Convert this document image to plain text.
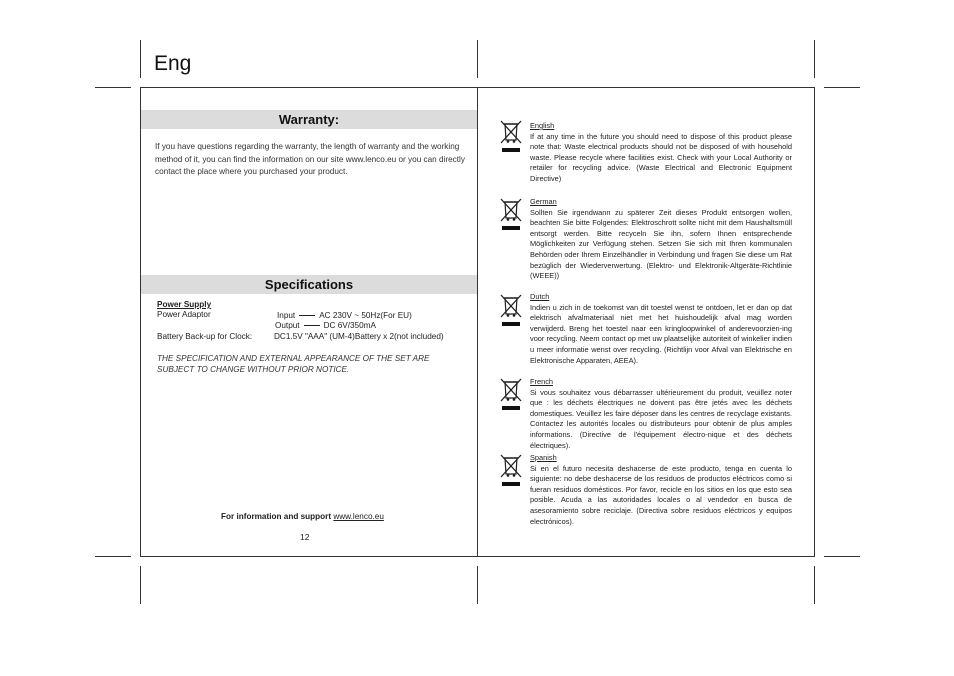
Eng
Warranty:
If you have questions regarding the warranty, the length of warranty and the working method of it, you can find the information on our site www.lenco.eu or you can directly contact the place where you purchased your product.
Specifications
Power Supply
Power Adaptor	Input	AC 230V ~ 50Hz(For EU)
Output	DC 6V/350mA
Battery Back-up for Clock:	DC1.5V "AAA" (UM-4)Battery x 2(not included)
THE SPECIFICATION AND EXTERNAL APPEARANCE OF THE SET ARE SUBJECT TO CHANGE WITHOUT PRIOR NOTICE.
For information and support www.lenco.eu
12
English
If at any time in the future you should need to dispose of this product please note that: Waste electrical products should not be disposed of with household waste. Please recycle where facilities exist. Check with your Local Authority or retailer for recycling advice. (Waste Electrical and Electronic Equipment Directive)
German
Sollten Sie irgendwann zu späterer Zeit dieses Produkt entsorgen wollen, beachten Sie bitte Folgendes: Elektroschrott sollte nicht mit dem Haushaltsmüll entsorgt werden. Bitte recyceln Sie ihn, sofern Ihnen entsprechende Möglichkeiten zur Verfügung stehen. Setzen Sie sich mit Ihren kommunalen Behörden oder Ihrem Einzelhändler in Verbindung und fragen Sie diese um Rat bezüglich der Wiederverwertung. (Elektro- und Elektronik-Altgeräte-Richtlinie (WEEE))
Dutch
Indien u zich in de toekomst van dit toestel wenst te ontdoen, let er dan op dat elektrisch afvalmateriaal niet met het huishoudelijk afval mag worden verwijderd. Breng het toestel naar een kringloopwinkel of anderevoorzien-ing voor recycling. Neem contact op met uw plaatselijke autoriteit of winkelier indien u meer informatie wenst over recycling. (Richtlijn voor Afval van Elektrische en Elektronische Apparaten, AEEA).
French
Si vous souhaitez vous débarrasser ultérieurement du produit, veuillez noter que : les déchets électriques ne doivent pas être jetés avec les déchets domestiques. Veuillez les faire déposer dans les centres de recyclage existants. Contactez les autorités locales ou distributeurs pour obtenir de plus amples informations. (Directive de l'équipement électro-nique et des déchets électriques).
Spanish
Si en el futuro necesita deshacerse de este producto, tenga en cuenta lo siguiente: no debe deshacerse de los residuos de productos eléctricos como si fueran residuos domésticos. Por favor, recicle en los sitios en los que esto sea posible. Acuda a las autoridades locales o al vendedor en busca de asesoramiento sobre reciclaje. (Directiva sobre residuos eléctricos y equipos electrónicos).
